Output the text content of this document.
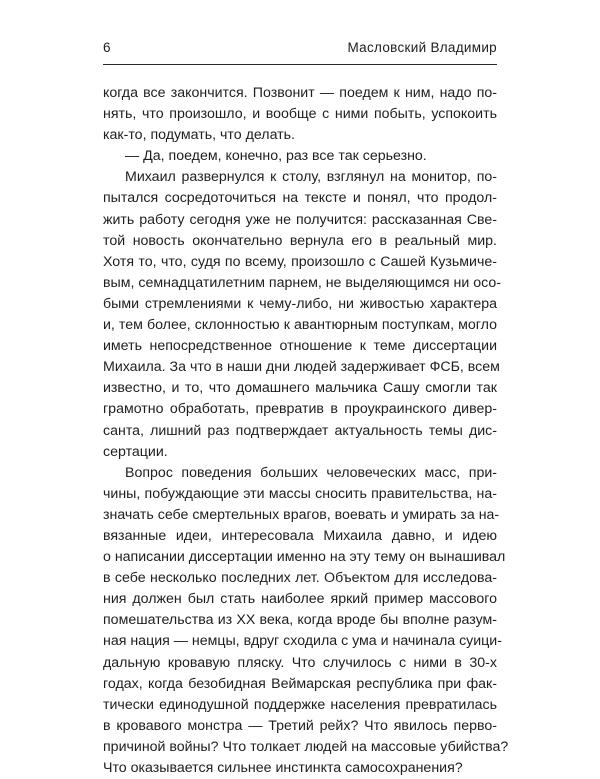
6	Масловский Владимир
когда все закончится. Позвонит — поедем к ним, надо по-
нять, что произошло, и вообще с ними побыть, успокоить
как-то, подумать, что делать.
— Да, поедем, конечно, раз все так серьезно.
Михаил развернулся к столу, взглянул на монитор, по-
пытался сосредоточиться на тексте и понял, что продол-
жить работу сегодня уже не получится: рассказанная Све-
той новость окончательно вернула его в реальный мир.
Хотя то, что, судя по всему, произошло с Сашей Кузьмиче-
вым, семнадцатилетним парнем, не выделяющимся ни осо-
быми стремлениями к чему-либо, ни живостью характера
и, тем более, склонностью к авантюрным поступкам, могло
иметь непосредственное отношение к теме диссертации
Михаила. За что в наши дни людей задерживает ФСБ, всем
известно, и то, что домашнего мальчика Сашу смогли так
грамотно обработать, превратив в проукраинского дивер-
санта, лишний раз подтверждает актуальность темы дис-
сертации.
Вопрос поведения больших человеческих масс, при-
чины, побуждающие эти массы сносить правительства, на-
значать себе смертельных врагов, воевать и умирать за на-
вязанные идеи, интересовала Михаила давно, и идею
о написании диссертации именно на эту тему он вынашивал
в себе несколько последних лет. Объектом для исследова-
ния должен был стать наиболее яркий пример массового
помешательства из XX века, когда вроде бы вполне разум-
ная нация — немцы, вдруг сходила с ума и начинала суици-
дальную кровавую пляску. Что случилось с ними в 30-х
годах, когда безобидная Веймарская республика при фак-
тически единодушной поддержке населения превратилась
в кровавого монстра — Третий рейх? Что явилось перво-
причиной войны? Что толкает людей на массовые убийства?
Что оказывается сильнее инстинкта самосохранения?
